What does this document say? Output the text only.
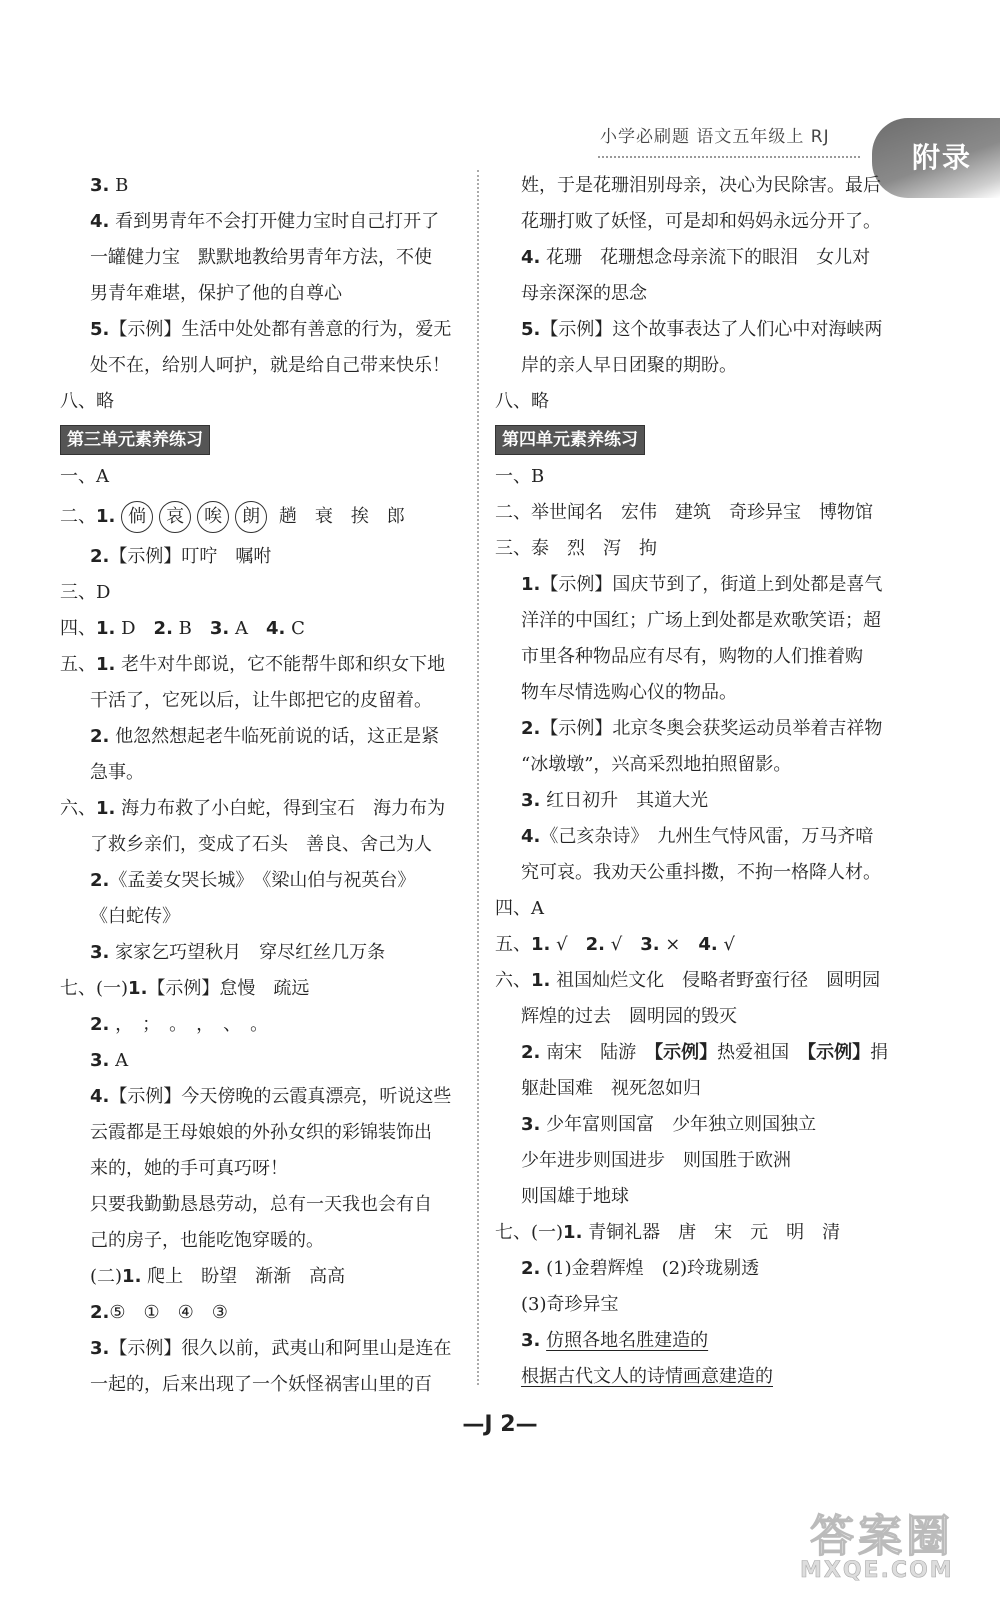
小学必刷题 语文五年级上 RJ
附录
3. B
4. 看到男青年不会打开健力宝时自己打开了
一罐健力宝　默默地教给男青年方法，不使
男青年难堪，保护了他的自尊心
5.【示例】生活中处处都有善意的行为，爱无
处不在，给别人呵护，就是给自己带来快乐！
八、略
第三单元素养练习
一、A
二、1. 倘 哀 唉 朗 趟　衰　挨　郎
2.【示例】叮咛　嘱咐
三、D
四、1. D 2. B 3. A 4. C
五、1. 老牛对牛郎说，它不能帮牛郎和织女下地
干活了，它死以后，让牛郎把它的皮留着。
2. 他忽然想起老牛临死前说的话，这正是紧
急事。
六、1. 海力布救了小白蛇，得到宝石　海力布为
了救乡亲们，变成了石头　善良、舍己为人
2.《孟姜女哭长城》　《梁山伯与祝英台》
《白蛇传》
3. 家家乞巧望秋月　穿尽红丝几万条
七、(一)1.【示例】怠慢　疏远
2. ，　；　。　，　、　。
3. A
4.【示例】今天傍晚的云霞真漂亮，听说这些
云霞都是王母娘娘的外孙女织的彩锦装饰出
来的，她的手可真巧呀！
只要我勤勤恳恳劳动，总有一天我也会有自
己的房子，也能吃饱穿暖的。
(二)1. 爬上　盼望　渐渐　高高
2.⑤　①　④　③
3.【示例】很久以前，武夷山和阿里山是连在
一起的，后来出现了一个妖怪祸害山里的百
姓，于是花珊泪别母亲，决心为民除害。最后
花珊打败了妖怪，可是却和妈妈永远分开了。
4. 花珊　花珊想念母亲流下的眼泪　女儿对
母亲深深的思念
5.【示例】这个故事表达了人们心中对海峡两
岸的亲人早日团聚的期盼。
八、略
第四单元素养练习
一、B
二、举世闻名　宏伟　建筑　奇珍异宝　博物馆
三、泰　烈　泻　拘
1.【示例】国庆节到了，街道上到处都是喜气
洋洋的中国红；广场上到处都是欢歌笑语；超
市里各种物品应有尽有，购物的人们推着购
物车尽情选购心仪的物品。
2.【示例】北京冬奥会获奖运动员举着吉祥物
“冰墩墩”，兴高采烈地拍照留影。
3. 红日初升　其道大光
4.《己亥杂诗》　九州生气恃风雷，万马齐喑
究可哀。我劝天公重抖擞，不拘一格降人材。
四、A
五、1. √ 2. √ 3. × 4. √
六、1. 祖国灿烂文化　侵略者野蛮行径　圆明园
辉煌的过去　圆明园的毁灭
2. 南宋　陆游　【示例】热爱祖国　【示例】捐
躯赴国难　视死忽如归
3. 少年富则国富　少年独立则国独立
少年进步则国进步　则国胜于欧洲
则国雄于地球
七、(一)1. 青铜礼器　唐　宋　元　明　清
2. (1)金碧辉煌　(2)玲珑剔透
(3)奇珍异宝
3. 仿照各地名胜建造的
根据古代文人的诗情画意建造的
—J 2—
答案圈
MXQE.COM
